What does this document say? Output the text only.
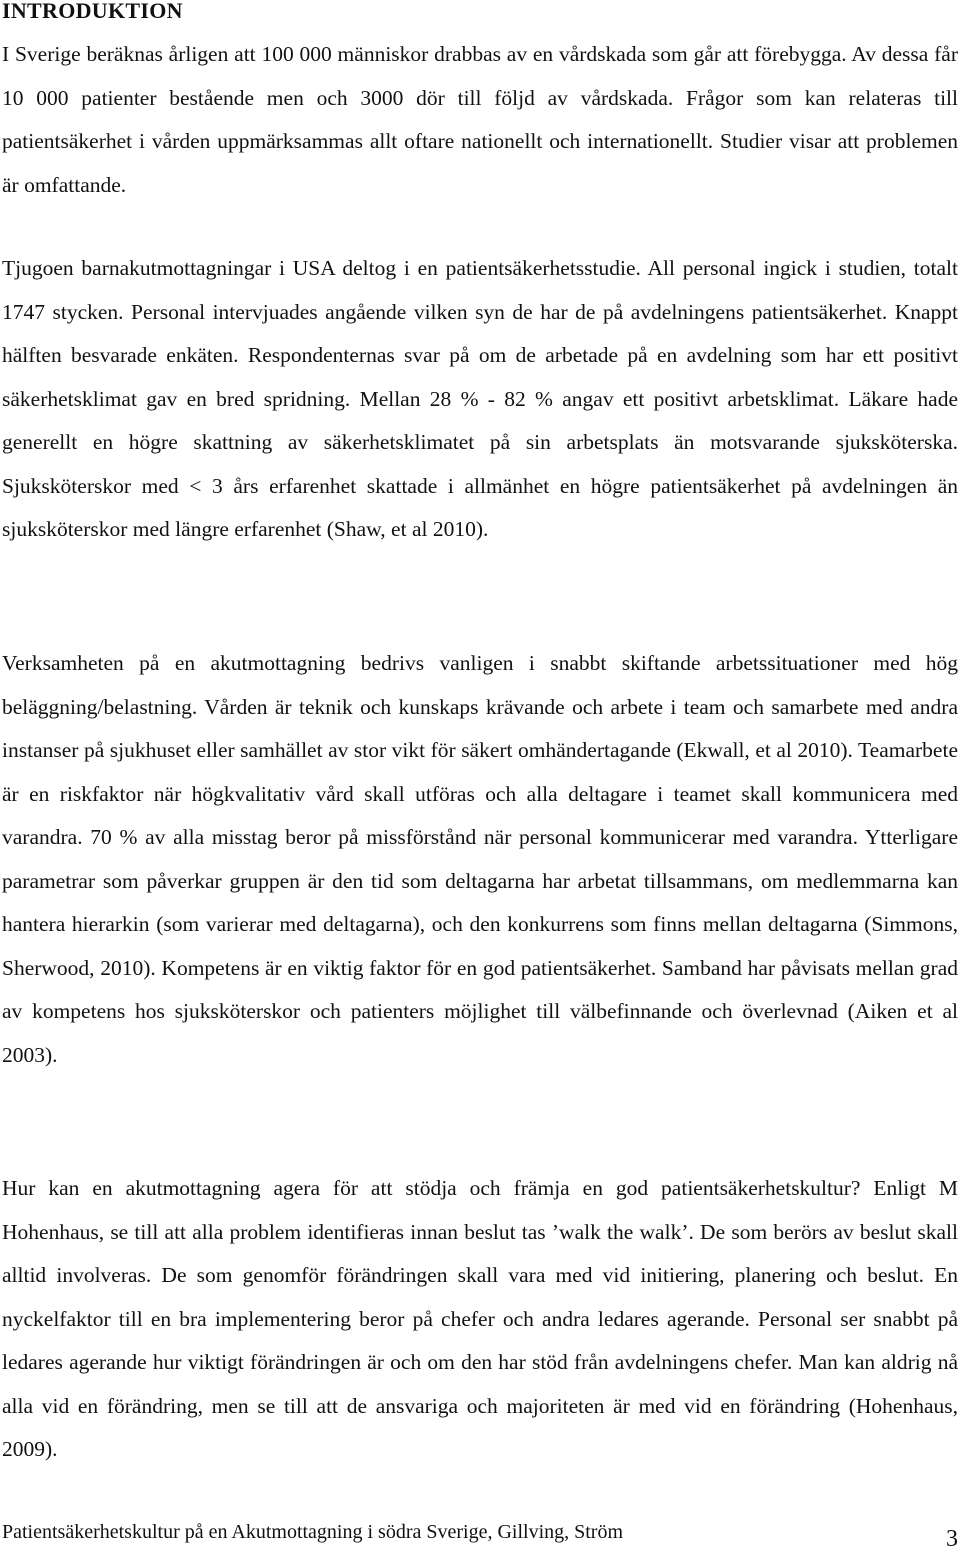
INTRODUKTION

I Sverige beräknas årligen att 100 000 människor drabbas av en vårdskada som går att förebygga. Av dessa får 10 000 patienter bestående men och 3000 dör till följd av vårdskada. Frågor som kan relateras till patientsäkerhet i vården uppmärksammas allt oftare nationellt och internationellt. Studier visar att problemen är omfattande.

Tjugoen barnakutmottagningar i USA deltog i en patientsäkerhetsstudie. All personal ingick i studien, totalt 1747 stycken. Personal intervjuades angående vilken syn de har de på avdelningens patientsäkerhet. Knappt hälften besvarade enkäten. Respondenternas svar på om de arbetade på en avdelning som har ett positivt säkerhetsklimat gav en bred spridning. Mellan 28 % - 82 % angav ett positivt arbetsklimat. Läkare hade generellt en högre skattning av säkerhetsklimatet på sin arbetsplats än motsvarande sjuksköterska. Sjuksköterskor med < 3 års erfarenhet skattade i allmänhet en högre patientsäkerhet på avdelningen än sjuksköterskor med längre erfarenhet (Shaw, et al 2010).

Verksamheten på en akutmottagning bedrivs vanligen i snabbt skiftande arbetssituationer med hög beläggning/belastning. Vården är teknik och kunskaps krävande och arbete i team och samarbete med andra instanser på sjukhuset eller samhället av stor vikt för säkert omhändertagande (Ekwall, et al 2010). Teamarbete är en riskfaktor när högkvalitativ vård skall utföras och alla deltagare i teamet skall kommunicera med varandra. 70 % av alla misstag beror på missförstånd när personal kommunicerar med varandra. Ytterligare parametrar som påverkar gruppen är den tid som deltagarna har arbetat tillsammans, om medlemmarna kan hantera hierarkin (som varierar med deltagarna), och den konkurrens som finns mellan deltagarna (Simmons, Sherwood, 2010). Kompetens är en viktig faktor för en god patientsäkerhet. Samband har påvisats mellan grad av kompetens hos sjuksköterskor och patienters möjlighet till välbefinnande och överlevnad (Aiken et al 2003).

Hur kan en akutmottagning agera för att stödja och främja en god patientsäkerhetskultur? Enligt M Hohenhaus, se till att alla problem identifieras innan beslut tas ’walk the walk’. De som berörs av beslut skall alltid involveras. De som genomför förändringen skall vara med vid initiering, planering och beslut. En nyckelfaktor till en bra implementering beror på chefer och andra ledares agerande. Personal ser snabbt på ledares agerande hur viktigt förändringen är och om den har stöd från avdelningens chefer. Man kan aldrig nå alla vid en förändring, men se till att de ansvariga och majoriteten är med vid en förändring (Hohenhaus, 2009).

Patientsäkerhetskultur på en Akutmottagning i södra Sverige, Gillving, Ström	3
